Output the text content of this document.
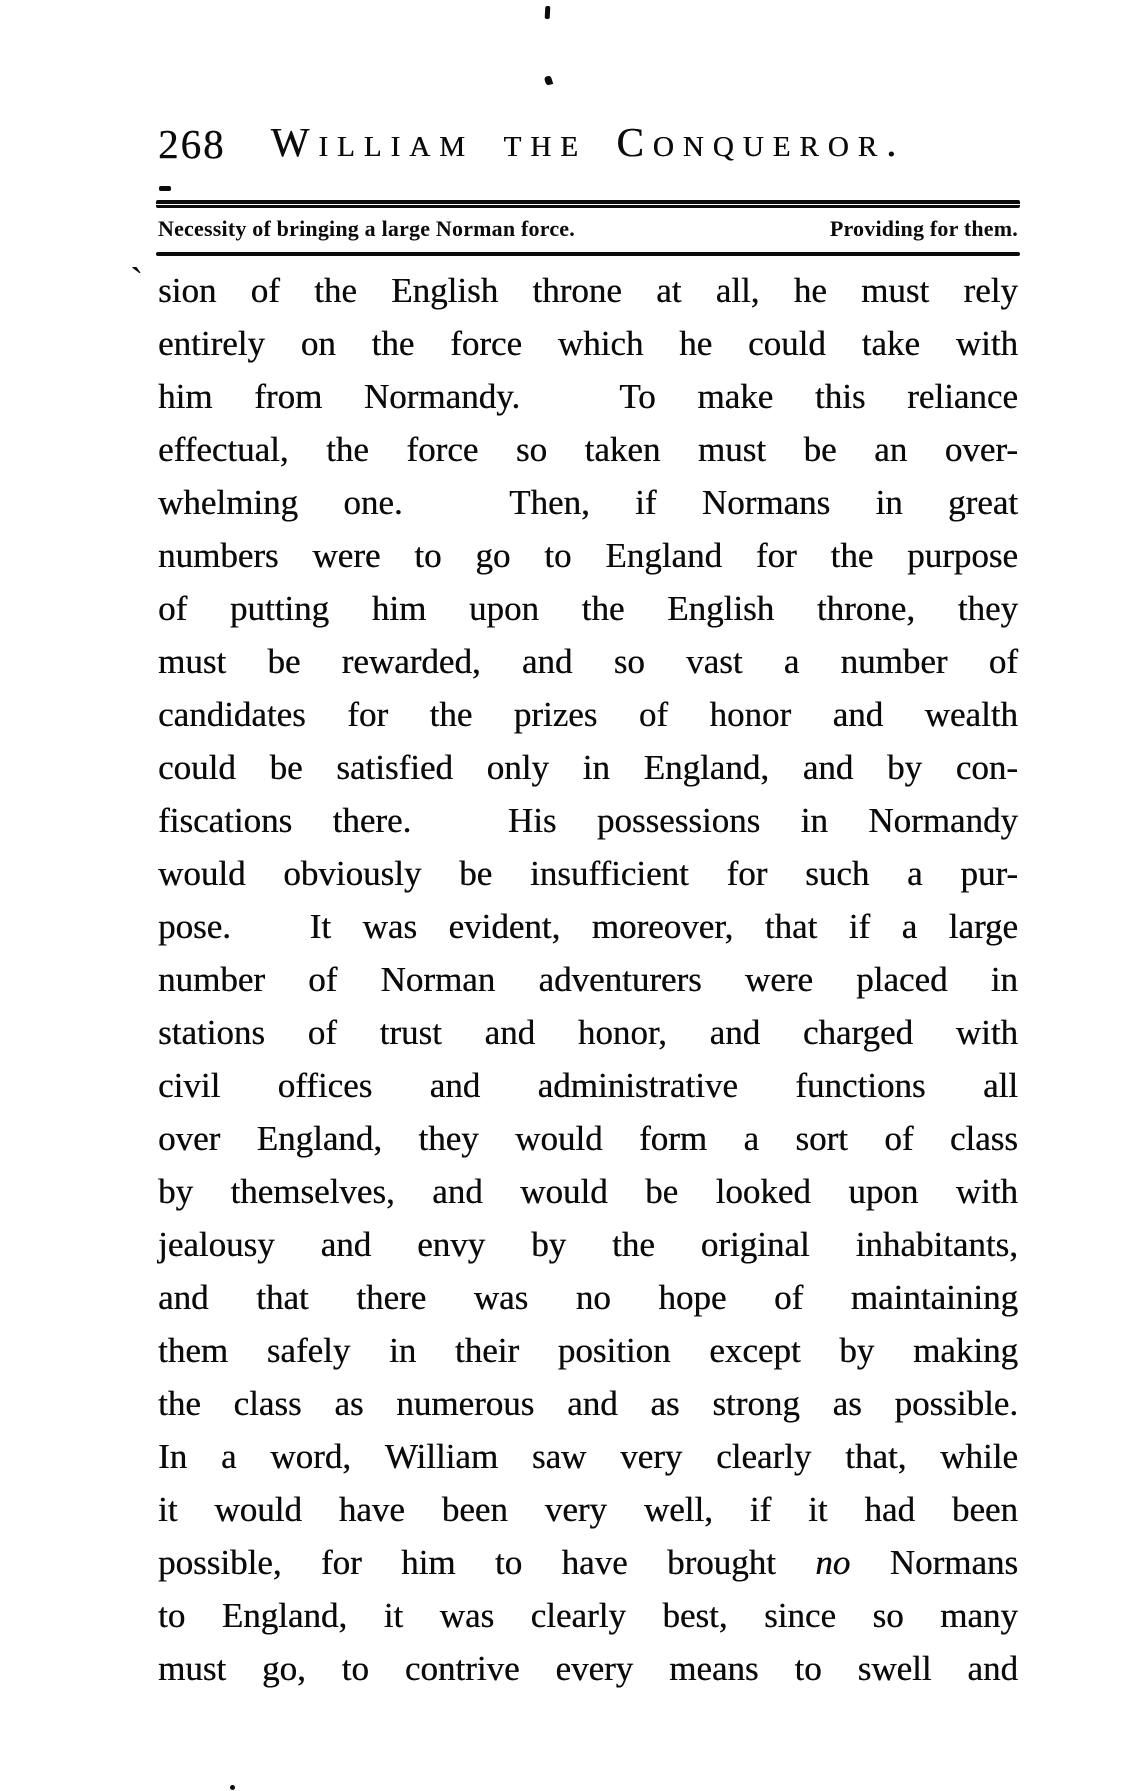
268	William the Conqueror.
Necessity of bringing a large Norman force.	Providing for them.
` sion of the English throne at all, he must rely
entirely on the force which he could take with
him from Normandy.	To make this reliance
effectual, the force so taken must be an over-
whelming one.	Then, if Normans in great
numbers were to go to England for the purpose
of putting him upon the English throne, they
must be rewarded, and so vast a number of
candidates for the prizes of honor and wealth
could be satisfied only in England, and by con-
fiscations there.	His possessions in Normandy
would obviously be insufficient for such a pur-
pose. It was evident, moreover, that if a large
number of Norman adventurers were placed in
stations of trust and honor, and charged with
civil offices and administrative functions all
over England, they would form a sort of class
by themselves, and would be looked upon with
jealousy and envy by the original inhabitants,
and that there was no hope of maintaining
them safely in their position except by making
the class as numerous and as strong as possible.
In a word, William saw very clearly that, while
it would have been very well, if it had been
possible, for him to have brought no Normans
to England, it was clearly best, since so many
must go, to contrive every means to swell and
